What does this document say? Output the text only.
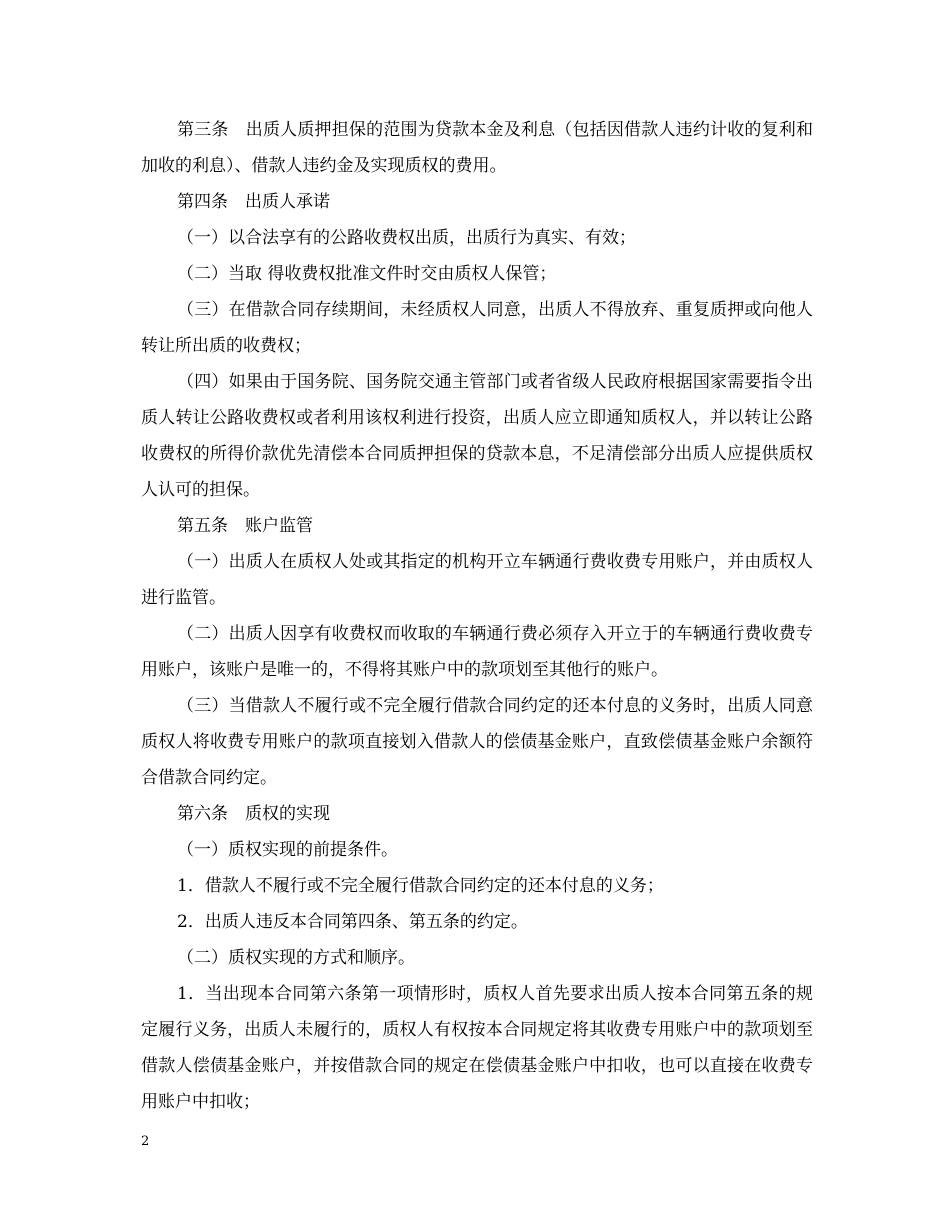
第三条　出质人质押担保的范围为贷款本金及利息（包括因借款人违约计收的复利和加收的利息）、借款人违约金及实现质权的费用。

第四条　出质人承诺

（一）以合法享有的公路收费权出质，出质行为真实、有效；

（二）当取 得收费权批准文件时交由质权人保管；

（三）在借款合同存续期间，未经质权人同意，出质人不得放弃、重复质押或向他人转让所出质的收费权；

（四）如果由于国务院、国务院交通主管部门或者省级人民政府根据国家需要指令出质人转让公路收费权或者利用该权利进行投资，出质人应立即通知质权人，并以转让公路收费权的所得价款优先清偿本合同质押担保的贷款本息，不足清偿部分出质人应提供质权人认可的担保。

第五条　账户监管

（一）出质人在质权人处或其指定的机构开立车辆通行费收费专用账户，并由质权人进行监管。

（二）出质人因享有收费权而收取的车辆通行费必须存入开立于的车辆通行费收费专用账户，该账户是唯一的，不得将其账户中的款项划至其他行的账户。

（三）当借款人不履行或不完全履行借款合同约定的还本付息的义务时，出质人同意质权人将收费专用账户的款项直接划入借款人的偿债基金账户，直致偿债基金账户余额符合借款合同约定。

第六条　质权的实现

（一）质权实现的前提条件。

1．借款人不履行或不完全履行借款合同约定的还本付息的义务；

2．出质人违反本合同第四条、第五条的约定。

（二）质权实现的方式和顺序。

1．当出现本合同第六条第一项情形时，质权人首先要求出质人按本合同第五条的规定履行义务，出质人未履行的，质权人有权按本合同规定将其收费专用账户中的款项划至借款人偿债基金账户，并按借款合同的规定在偿债基金账户中扣收，也可以直接在收费专用账户中扣收；

2
